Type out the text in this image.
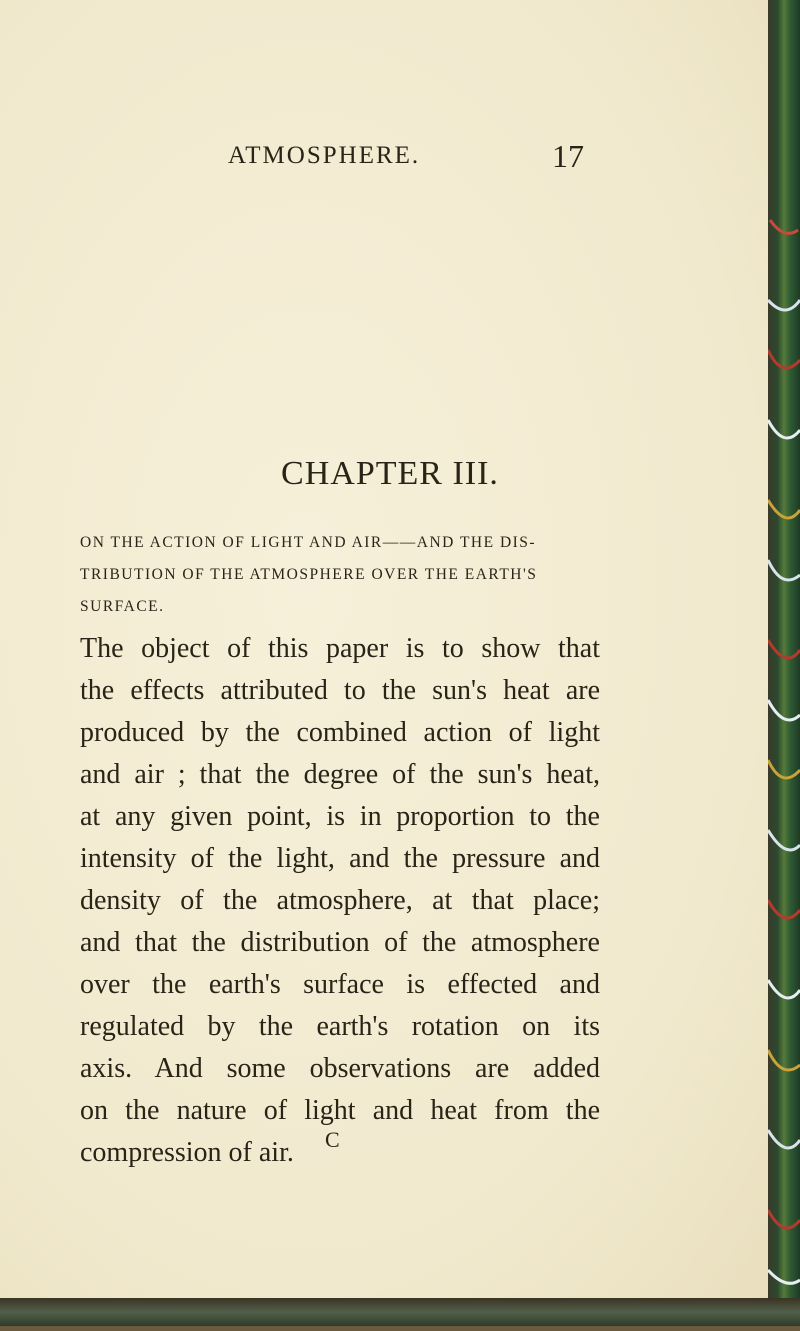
ATMOSPHERE.	17
CHAPTER III.
ON THE ACTION OF LIGHT AND AIR——AND THE DIS-
TRIBUTION OF THE ATMOSPHERE OVER THE EARTH'S
SURFACE.
The object of this paper is to show that
the effects attributed to the sun's heat are
produced by the combined action of light
and air ; that the degree of the sun's heat,
at any given point, is in proportion to the
intensity of the light, and the pressure and
density of the atmosphere, at that place;
and that the distribution of the atmosphere
over the earth's surface is effected and
regulated by the earth's rotation on its
axis. And some observations are added
on the nature of light and heat from the
compression of air.	C
